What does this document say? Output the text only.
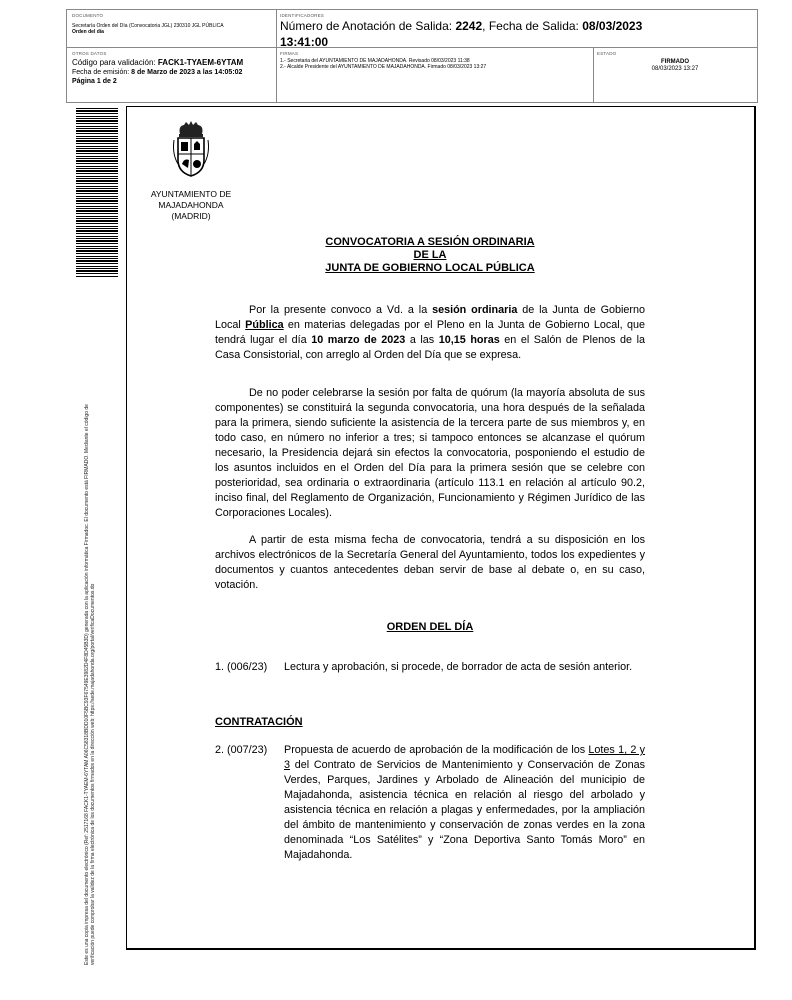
DOCUMENTO
Secretaría Orden del Día (Convocatoria JGL) 230310 JGL PÚBLICA
Orden del día
IDENTIFICADORES
Número de Anotación de Salida: 2242, Fecha de Salida: 08/03/2023
13:41:00
OTROS DATOS
Código para validación: FACK1-TYAEM-6YTAM
Fecha de emisión: 8 de Marzo de 2023 a las 14:05:02
Página 1 de 2
FIRMAS
1.- Secretaria del AYUNTAMIENTO DE MAJADAHONDA. Revisado 08/03/2023 11:38
2.- Alcalde Presidente del AYUNTAMIENTO DE MAJADAHONDA. Firmado 08/03/2023 13:27
ESTADO
FIRMADO
08/03/2023 13:27
Este es una copia impresa del documento electrónico (Ref: 2517168 FACK1-TYAEM-6YTAM A06C58318BDD10F5BC93F67549E3982D4F8D45B3D) generada con la aplicación informática Firmadoc. El documento está FIRMADO. Mediante el código de verificación puede comprobar la validez de la firma electrónica de los documentos firmados en la dirección web: https://sede.majadahonda.org/portal/verificaDocumentos.do
AYUNTAMIENTO DE
MAJADAHONDA
(MADRID)
CONVOCATORIA A SESIÓN ORDINARIA
DE LA
JUNTA DE GOBIERNO LOCAL PÚBLICA
Por la presente convoco a Vd. a la sesión ordinaria de la Junta de Gobierno Local Pública en materias delegadas por el Pleno en la Junta de Gobierno Local, que tendrá lugar el día 10 marzo de 2023 a las 10,15 horas en el Salón de Plenos de la Casa Consistorial, con arreglo al Orden del Día que se expresa.
De no poder celebrarse la sesión por falta de quórum (la mayoría absoluta de sus componentes) se constituirá la segunda convocatoria, una hora después de la señalada para la primera, siendo suficiente la asistencia de la tercera parte de sus miembros y, en todo caso, en número no inferior a tres; si tampoco entonces se alcanzase el quórum necesario, la Presidencia dejará sin efectos la convocatoria, posponiendo el estudio de los asuntos incluidos en el Orden del Día para la primera sesión que se celebre con posterioridad, sea ordinaria o extraordinaria (artículo 113.1 en relación al artículo 90.2, inciso final, del Reglamento de Organización, Funcionamiento y Régimen Jurídico de las Corporaciones Locales).
A partir de esta misma fecha de convocatoria, tendrá a su disposición en los archivos electrónicos de la Secretaría General del Ayuntamiento, todos los expedientes y documentos y cuantos antecedentes deban servir de base al debate o, en su caso, votación.
ORDEN DEL DÍA
1. (006/23) Lectura y aprobación, si procede, de borrador de acta de sesión anterior.
CONTRATACIÓN
2. (007/23) Propuesta de acuerdo de aprobación de la modificación de los Lotes 1, 2 y 3 del Contrato de Servicios de Mantenimiento y Conservación de Zonas Verdes, Parques, Jardines y Arbolado de Alineación del municipio de Majadahonda, asistencia técnica en relación al riesgo del arbolado y asistencia técnica en relación a plagas y enfermedades, por la ampliación del ámbito de mantenimiento y conservación de zonas verdes en la zona denominada “Los Satélites” y “Zona Deportiva Santo Tomás Moro” en Majadahonda.
